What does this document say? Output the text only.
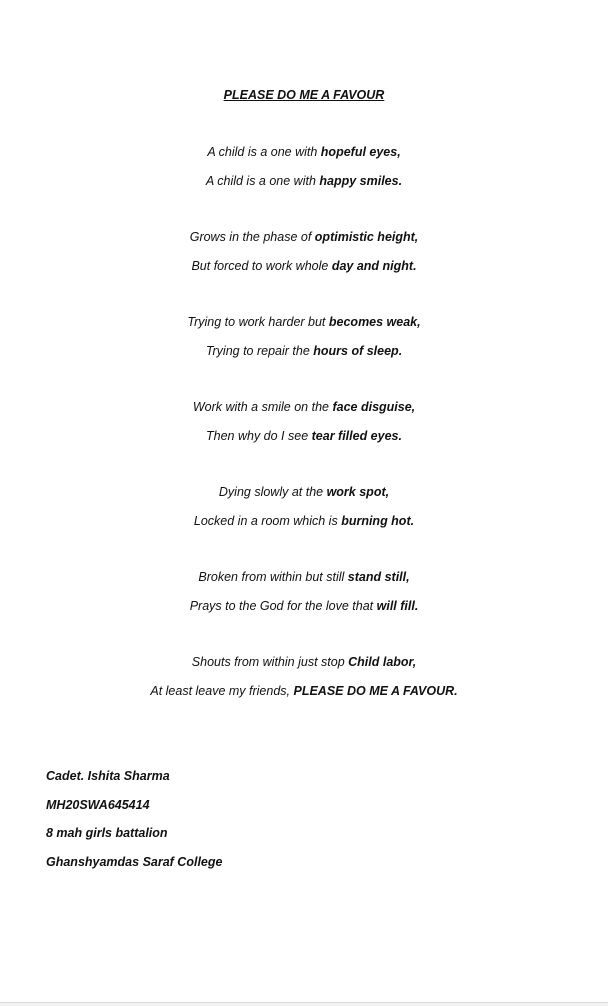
PLEASE DO ME A FAVOUR
A child is a one with hopeful eyes,
A child is a one with happy smiles.
Grows in the phase of optimistic height,
But forced to work whole day and night.
Trying to work harder but becomes weak,
Trying to repair the hours of sleep.
Work with a smile on the face disguise,
Then why do I see tear filled eyes.
Dying slowly at the work spot,
Locked in a room which is burning hot.
Broken from within but still stand still,
Prays to the God for the love that will fill.
Shouts from within just stop Child labor,
At least leave my friends, PLEASE DO ME A FAVOUR.
Cadet. Ishita Sharma
MH20SWA645414
8 mah girls battalion
Ghanshyamdas Saraf College
